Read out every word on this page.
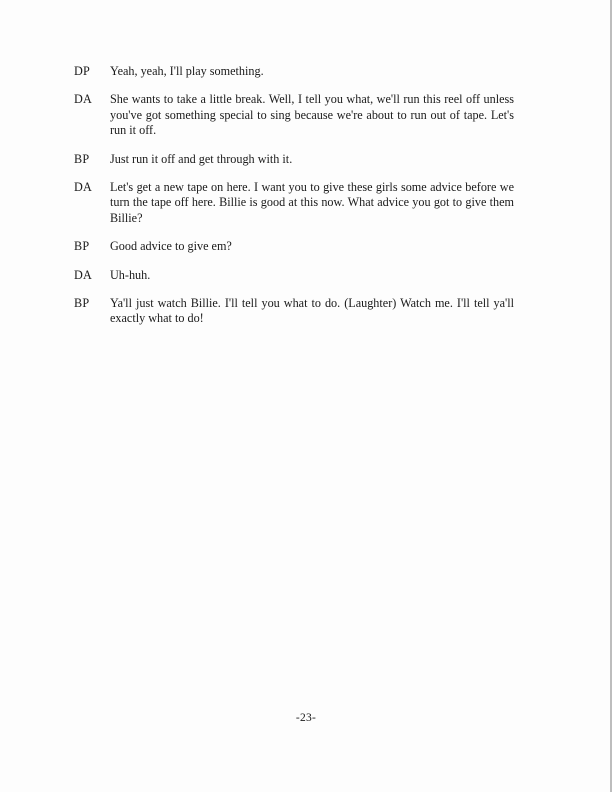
DP	Yeah, yeah, I'll play something.
DA	She wants to take a little break. Well, I tell you what, we'll run this reel off unless you've got something special to sing because we're about to run out of tape. Let's run it off.
BP	Just run it off and get through with it.
DA	Let's get a new tape on here. I want you to give these girls some advice before we turn the tape off here. Billie is good at this now. What advice you got to give them Billie?
BP	Good advice to give em?
DA	Uh-huh.
BP	Ya'll just watch Billie. I'll tell you what to do. (Laughter) Watch me. I'll tell ya'll exactly what to do!
-23-
